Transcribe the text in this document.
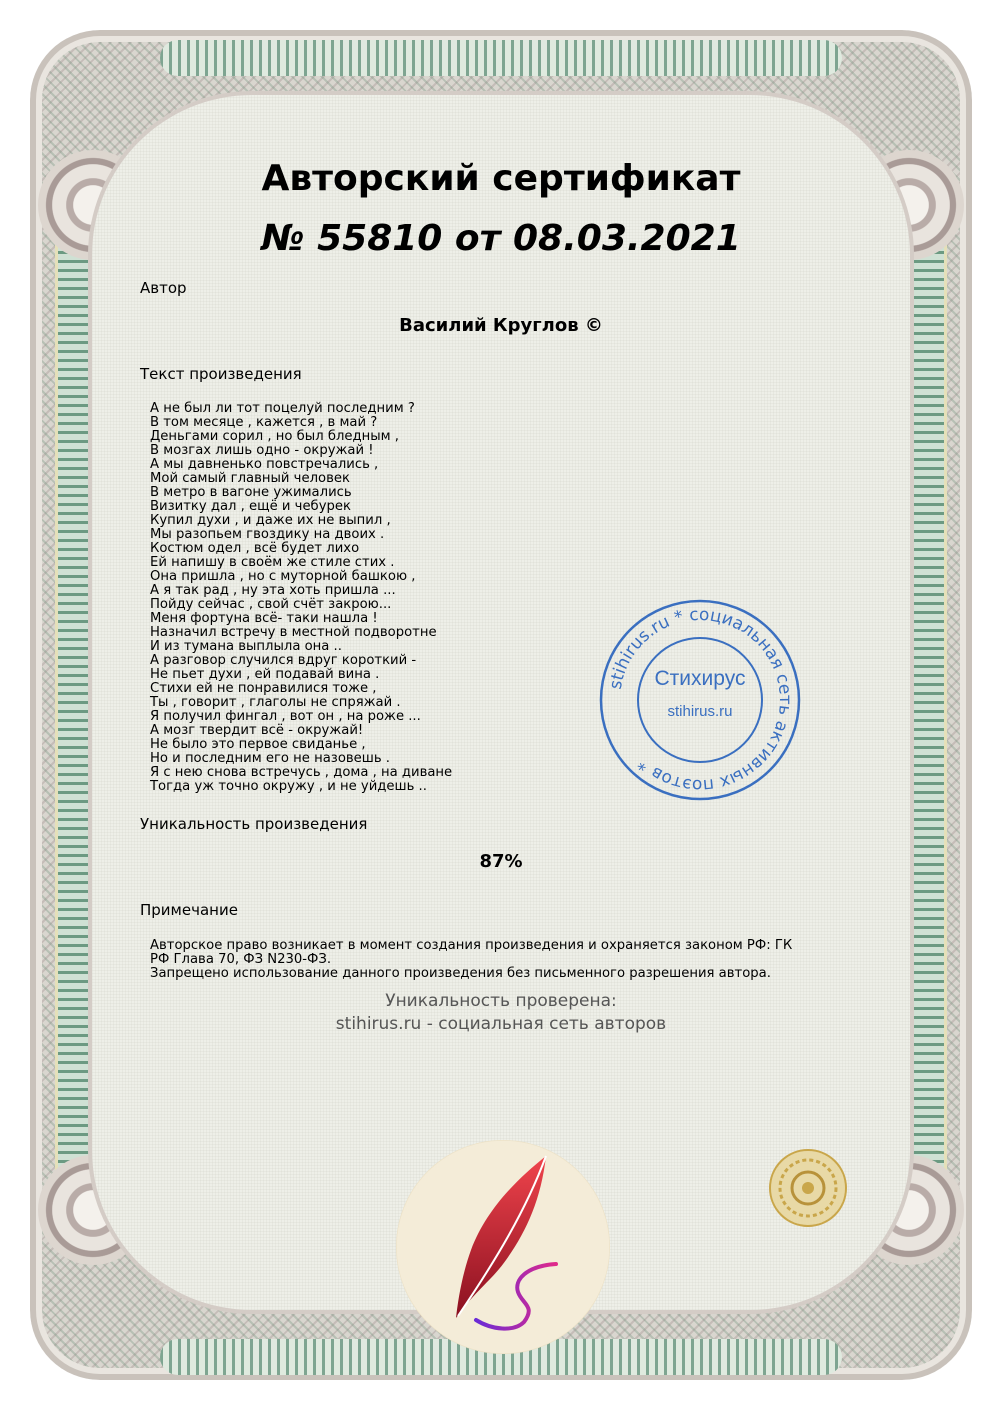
Авторский сертификат
№ 55810 от 08.03.2021
Автор
Василий Круглов ©
Текст произведения
А не был ли тот поцелуй последним ?
В том месяце , кажется , в май ?
Деньгами сорил , но был бледным ,
В мозгах лишь одно - окружай !
А мы давненько повстречались ,
Мой самый главный человек
В метро в вагоне ужимались
Визитку дал , ещё и чебурек
Купил духи , и даже их не выпил ,
Мы разопьем гвоздику на двоих .
Костюм одел , всё будет лихо
Ей напишу в своём же стиле стих .
Она пришла , но с муторной башкою ,
А я так рад , ну эта хоть пришла ...
Пойду сейчас , свой счёт закрою...
Меня фортуна всё- таки нашла !
Назначил встречу в местной подворотне
И из тумана выплыла она ..
А разговор случился вдруг короткий -
Не пьет духи , ей подавай вина .
Стихи ей не понравилися тоже ,
Ты , говорит , глаголы не спряжай .
Я получил фингал , вот он , на роже ...
А мозг твердит всё - окружай!
Не было это первое свиданье ,
Но и последним его не назовешь .
Я с нею снова встречусь , дома , на диване
Тогда уж точно окружу , и не уйдешь ..
stihirus.ru * социальная сеть активных поэтов *
Стихирус
stihirus.ru
Уникальность произведения
87%
Примечание
Авторское право возникает в момент создания произведения и охраняется законом РФ: ГК
РФ Глава 70, ФЗ N230-ФЗ.
Запрещено использование данного произведения без письменного разрешения автора.
Уникальность проверена:
stihirus.ru - социальная сеть авторов
